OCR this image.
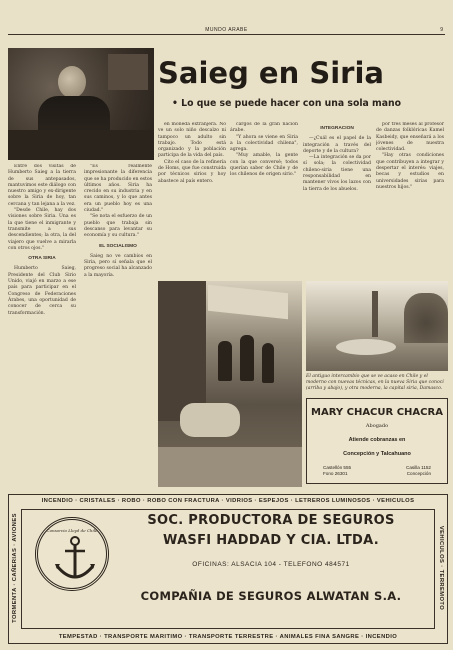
MUNDO ARABE	9
Saieg en Siria
• Lo que se puede hacer con una sola mano

Entre dos visitas de Humberto Saieg a la tierra de sus antepasados, mantuvimos este diálogo con nuestro amigo y ex-dirigente sobre la Siria de hoy, tan cercana y tan lejana a la vez.

"Desde Chile, hay dos visiones sobre Siria. Una es la que tiene el inmigrante y transmite a sus descendientes; la otra, la del viajero que vuelve a mirarla con otros ojos."

OTRA SIRIA

Humberto Saieg, Presidente del Club Sirio Unido, viajó en marzo a ese país para participar en el Congreso de Federaciones Árabes, una oportunidad de conocer de cerca su transformación.

"Es realmente impresionante la diferencia que se ha producido en estos últimos años. Siria ha crecido en su industria y en sus caminos, y lo que antes era un pueblo hoy es una ciudad."

"Se nota el esfuerzo de un pueblo que trabaja sin descanso para levantar su economía y su cultura."

EL SOCIALISMO

Saieg no ve cambios en Siria, pero sí señala que el progreso social ha alcanzado a la mayoría.

en moneda extranjera. No ve un solo niño descalzo ni tampoco un adulto sin trabajo. Todo está organizado y la población participa de la vida del país.

Cito el caso de la refinería de Homs, que fue construida por técnicos sirios y hoy abastece al país entero.

cargos de la gran nación árabe.

"Y ahora se viene en Siria a la colectividad chilena", agrega.

"Muy amable, la gente con la que conversé; todos querían saber de Chile y de los chilenos de origen sirio."

INTEGRACION

—¿Cuál es el papel de la integración a través del deporte y de la cultura?

—La integración se da por sí sola; la colectividad chileno-siria tiene una responsabilidad en mantener vivos los lazos con la tierra de los abuelos.

por tres meses al profesor de danzas folklóricas Kamel Kasbeidy, que enseñará a los jóvenes de nuestra colectividad.

"Hay otras condiciones que contribuyen a integrar y despertar el interés: viajes, becas y estudios en universidades sirias para nuestros hijos."

El antiguo intercambio que se ve acaso en Chile y el moderno con nuevas técnicas, en la nueva Siria que conocí (arriba y abajo), y otra moderna, la capital siria, Damasco.
MARY CHACUR CHACRA
Abogado
Atiende cobranzas en
Concepción y Talcahuano
Castellón 555
Fono 26301
Casilla 1152
Concepción
INCENDIO · CRISTALES · ROBO · ROBO CON FRACTURA · VIDRIOS · ESPEJOS · LETREROS LUMINOSOS · VEHICULOS
TORMENTA · CAÑERIAS · AVIONES	VEHICULOS · TERREMOTO
TEMPESTAD · TRANSPORTE MARITIMO · TRANSPORTE TERRESTRE · ANIMALES FINA SANGRE · INCENDIO
Consorcio Lloyd de Chile
SOC. PRODUCTORA DE SEGUROS
WASFI HADDAD Y CIA. LTDA.
OFICINAS: ALSACIA 104 - TELEFONO 484571
COMPAÑIA DE SEGUROS ALWATAN S.A.
